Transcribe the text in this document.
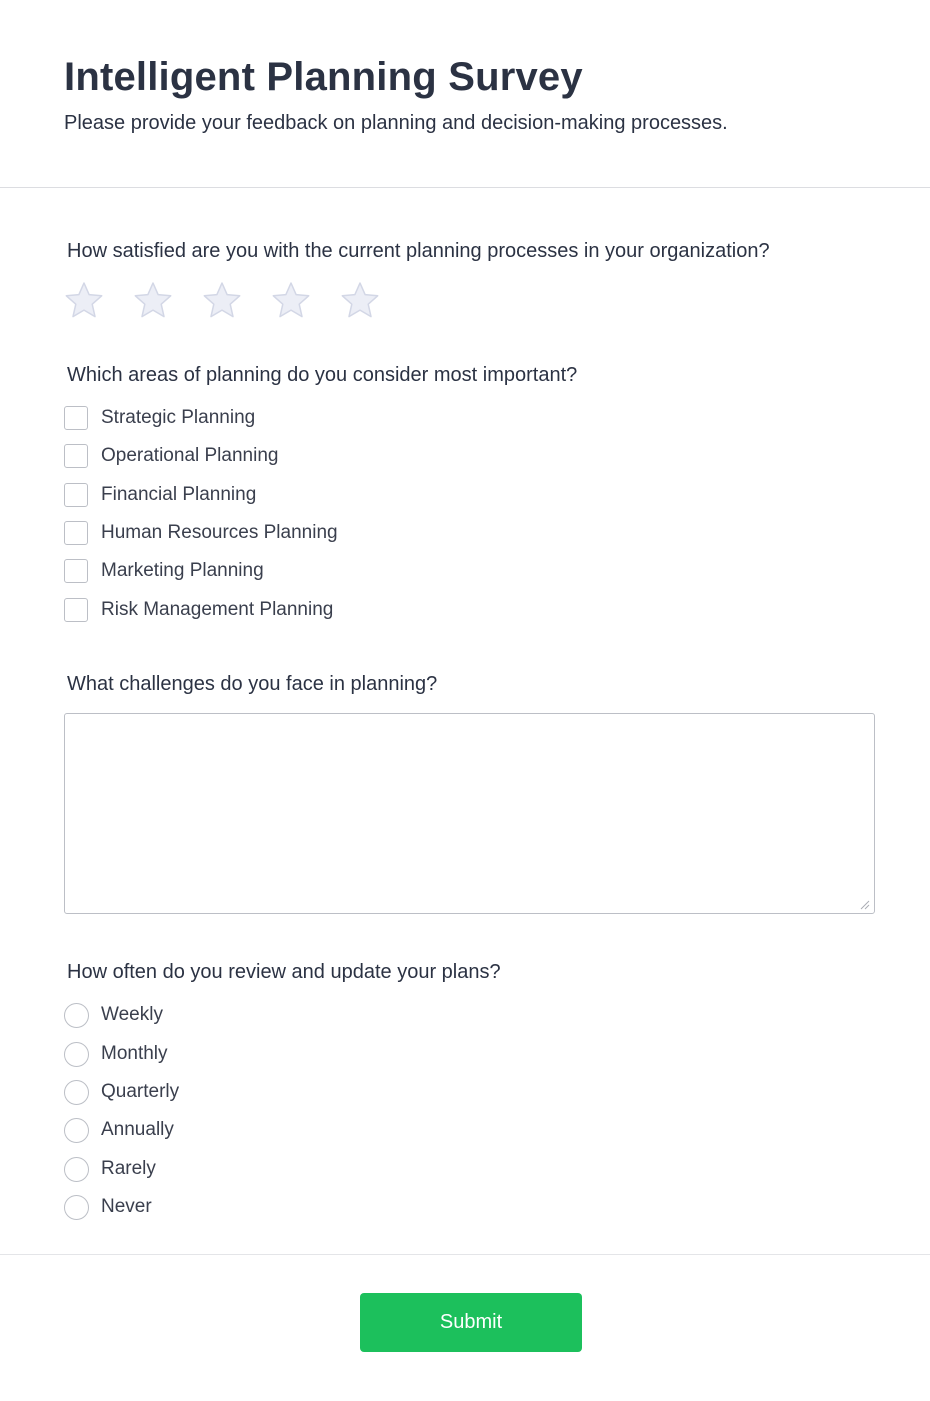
Intelligent Planning Survey

Please provide your feedback on planning and decision-making processes.

How satisfied are you with the current planning processes in your organization?

Which areas of planning do you consider most important?

Strategic Planning
Operational Planning
Financial Planning
Human Resources Planning
Marketing Planning
Risk Management Planning

What challenges do you face in planning?

How often do you review and update your plans?

Weekly
Monthly
Quarterly
Annually
Rarely
Never
Submit
